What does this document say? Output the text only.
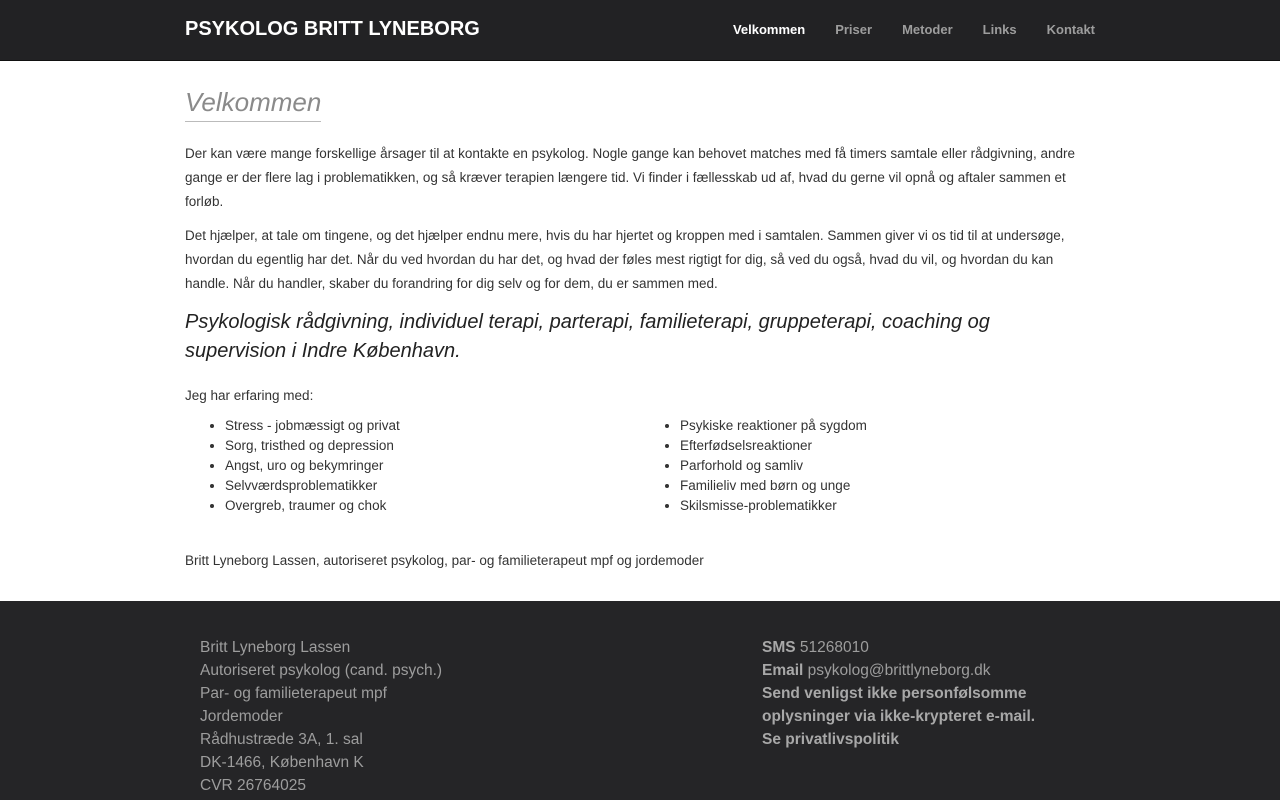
PSYKOLOG BRITT LYNEBORG	Velkommen Priser Metoder Links Kontakt
Velkommen

Der kan være mange forskellige årsager til at kontakte en psykolog. Nogle gange kan behovet matches med få timers samtale eller rådgivning, andre gange er der flere lag i problematikken, og så kræver terapien længere tid. Vi finder i fællesskab ud af, hvad du gerne vil opnå og aftaler sammen et forløb.

Det hjælper, at tale om tingene, og det hjælper endnu mere, hvis du har hjertet og kroppen med i samtalen. Sammen giver vi os tid til at undersøge, hvordan du egentlig har det. Når du ved hvordan du har det, og hvad der føles mest rigtigt for dig, så ved du også, hvad du vil, og hvordan du kan handle. Når du handler, skaber du forandring for dig selv og for dem, du er sammen med.

Psykologisk rådgivning, individuel terapi, parterapi, familieterapi, gruppeterapi, coaching og supervision i Indre København.

Jeg har erfaring med:

• Stress - jobmæssigt og privat
• Sorg, tristhed og depression
• Angst, uro og bekymringer
• Selvværdsproblematikker
• Overgreb, traumer og chok
• Psykiske reaktioner på sygdom
• Efterfødselsreaktioner
• Parforhold og samliv
• Familieliv med børn og unge
• Skilsmisse-problematikker

Britt Lyneborg Lassen, autoriseret psykolog, par- og familieterapeut mpf og jordemoder

Britt Lyneborg Lassen
Autoriseret psykolog (cand. psych.)
Par- og familieterapeut mpf
Jordemoder
Rådhustræde 3A, 1. sal
DK-1466, København K
CVR 26764025
SMS 51268010
Email psykolog@brittlyneborg.dk
Send venligst ikke personfølsomme oplysninger via ikke-krypteret e-mail.
Se privatlivspolitik
